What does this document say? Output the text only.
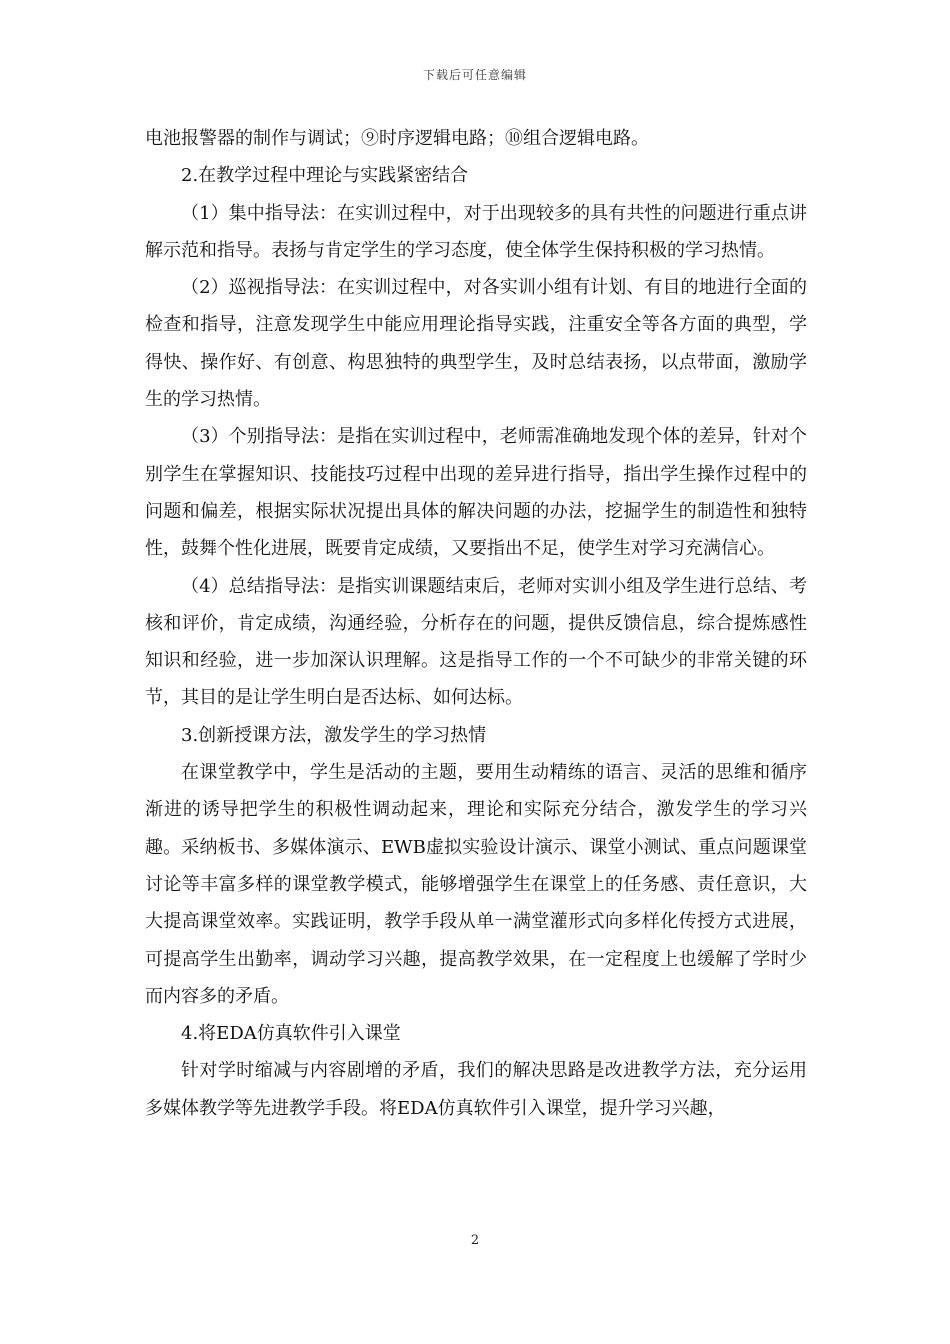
下载后可任意编辑

电池报警器的制作与调试；⑨时序逻辑电路；⑩组合逻辑电路。

2.在教学过程中理论与实践紧密结合

（1）集中指导法：在实训过程中，对于出现较多的具有共性的问题进行重点讲解示范和指导。表扬与肯定学生的学习态度，使全体学生保持积极的学习热情。

（2）巡视指导法：在实训过程中，对各实训小组有计划、有目的地进行全面的检查和指导，注意发现学生中能应用理论指导实践，注重安全等各方面的典型，学得快、操作好、有创意、构思独特的典型学生，及时总结表扬，以点带面，激励学生的学习热情。

（3）个别指导法：是指在实训过程中，老师需准确地发现个体的差异，针对个别学生在掌握知识、技能技巧过程中出现的差异进行指导，指出学生操作过程中的问题和偏差，根据实际状况提出具体的解决问题的办法，挖掘学生的制造性和独特性，鼓舞个性化进展，既要肯定成绩，又要指出不足，使学生对学习充满信心。

（4）总结指导法：是指实训课题结束后，老师对实训小组及学生进行总结、考核和评价，肯定成绩，沟通经验，分析存在的问题，提供反馈信息，综合提炼感性知识和经验，进一步加深认识理解。这是指导工作的一个不可缺少的非常关键的环节，其目的是让学生明白是否达标、如何达标。

3.创新授课方法，激发学生的学习热情

在课堂教学中，学生是活动的主题，要用生动精练的语言、灵活的思维和循序渐进的诱导把学生的积极性调动起来，理论和实际充分结合，激发学生的学习兴趣。采纳板书、多媒体演示、EWB虚拟实验设计演示、课堂小测试、重点问题课堂讨论等丰富多样的课堂教学模式，能够增强学生在课堂上的任务感、责任意识，大大提高课堂效率。实践证明，教学手段从单一满堂灌形式向多样化传授方式进展，可提高学生出勤率，调动学习兴趣，提高教学效果，在一定程度上也缓解了学时少而内容多的矛盾。

4.将EDA仿真软件引入课堂

针对学时缩减与内容剧增的矛盾，我们的解决思路是改进教学方法，充分运用多媒体教学等先进教学手段。将EDA仿真软件引入课堂，提升学习兴趣，

2
